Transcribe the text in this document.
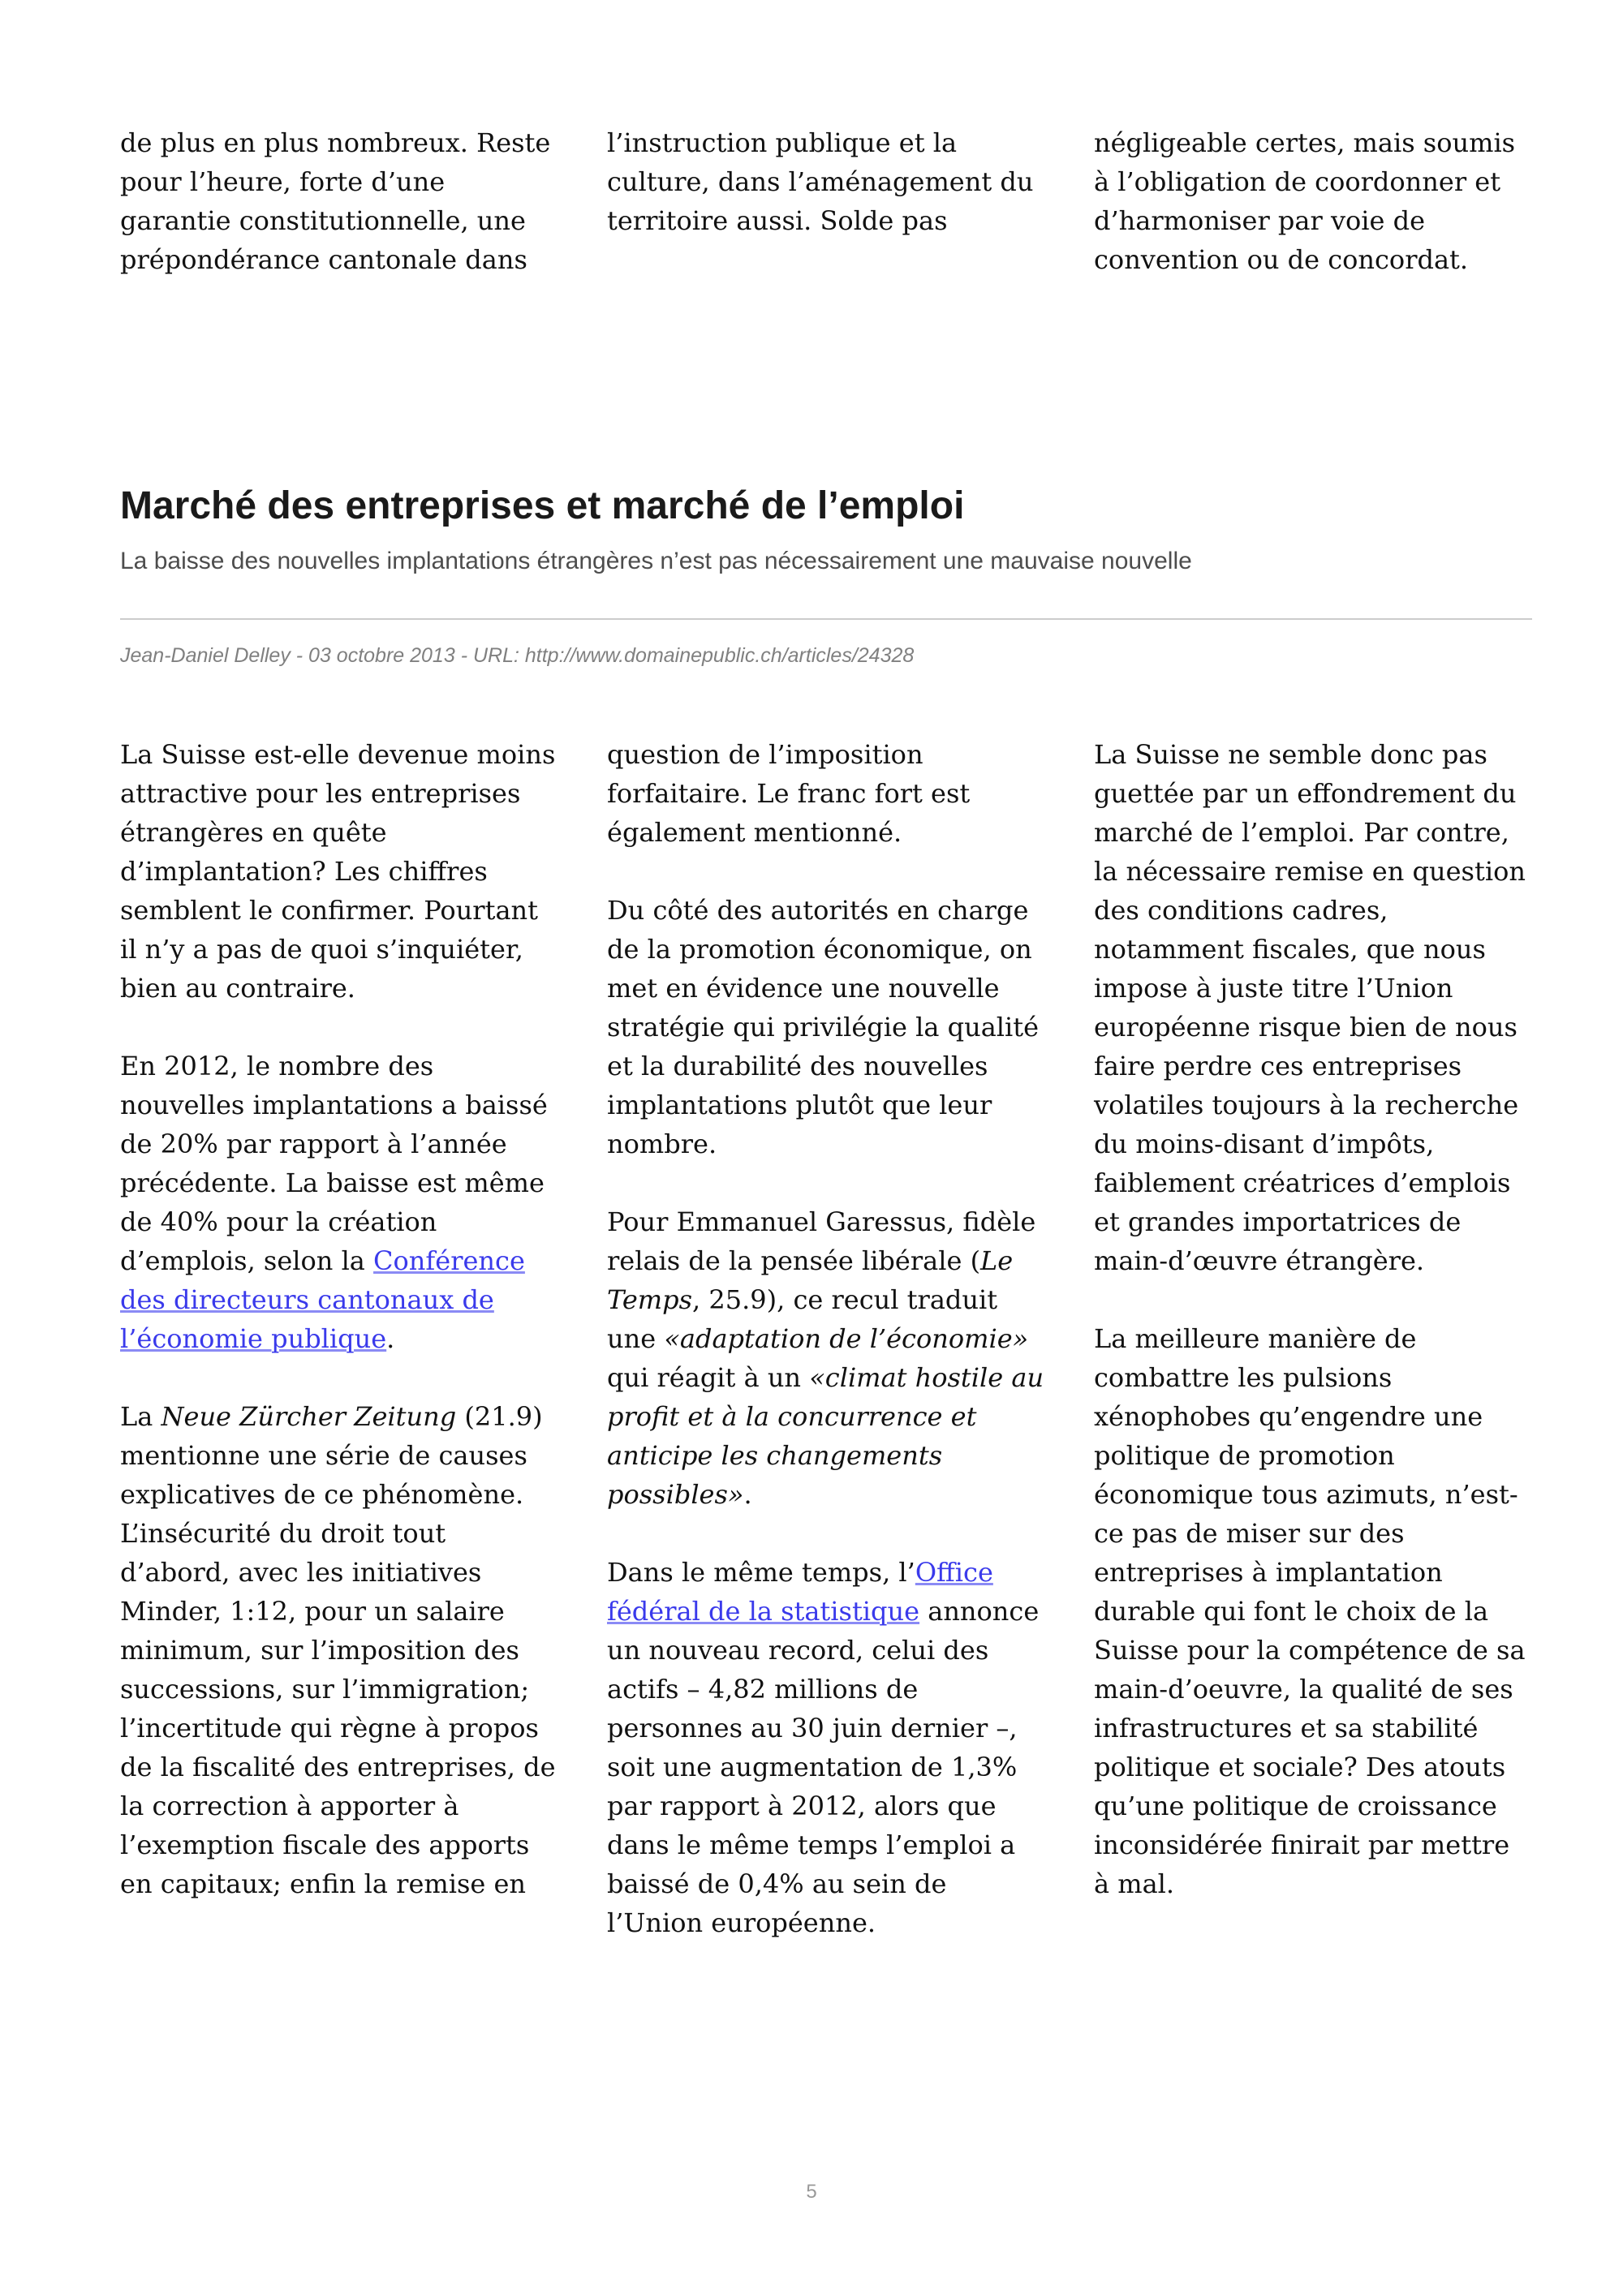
de plus en plus nombreux. Reste pour l’heure, forte d’une garantie constitutionnelle, une prépondérance cantonale dans

l’instruction publique et la culture, dans l’aménagement du territoire aussi. Solde pas

négligeable certes, mais soumis à l’obligation de coordonner et d’harmoniser par voie de convention ou de concordat.

Marché des entreprises et marché de l’emploi

La baisse des nouvelles implantations étrangères n’est pas nécessairement une mauvaise nouvelle

Jean-Daniel Delley - 03 octobre 2013 - URL: http://www.domainepublic.ch/articles/24328

La Suisse est-elle devenue moins attractive pour les entreprises étrangères en quête d’implantation? Les chiffres semblent le confirmer. Pourtant il n’y a pas de quoi s’inquiéter, bien au contraire.

En 2012, le nombre des nouvelles implantations a baissé de 20% par rapport à l’année précédente. La baisse est même de 40% pour la création d’emplois, selon la Conférence des directeurs cantonaux de l’économie publique.

La Neue Zürcher Zeitung (21.9) mentionne une série de causes explicatives de ce phénomène. L’insécurité du droit tout d’abord, avec les initiatives Minder, 1:12, pour un salaire minimum, sur l’imposition des successions, sur l’immigration; l’incertitude qui règne à propos de la fiscalité des entreprises, de la correction à apporter à l’exemption fiscale des apports en capitaux; enfin la remise en

question de l’imposition forfaitaire. Le franc fort est également mentionné.

Du côté des autorités en charge de la promotion économique, on met en évidence une nouvelle stratégie qui privilégie la qualité et la durabilité des nouvelles implantations plutôt que leur nombre.

Pour Emmanuel Garessus, fidèle relais de la pensée libérale (Le Temps, 25.9), ce recul traduit une «adaptation de l’économie» qui réagit à un «climat hostile au profit et à la concurrence et anticipe les changements possibles».

Dans le même temps, l’Office fédéral de la statistique annonce un nouveau record, celui des actifs – 4,82 millions de personnes au 30 juin dernier –, soit une augmentation de 1,3% par rapport à 2012, alors que dans le même temps l’emploi a baissé de 0,4% au sein de l’Union européenne.

La Suisse ne semble donc pas guettée par un effondrement du marché de l’emploi. Par contre, la nécessaire remise en question des conditions cadres, notamment fiscales, que nous impose à juste titre l’Union européenne risque bien de nous faire perdre ces entreprises volatiles toujours à la recherche du moins-disant d’impôts, faiblement créatrices d’emplois et grandes importatrices de main-d’œuvre étrangère.

La meilleure manière de combattre les pulsions xénophobes qu’engendre une politique de promotion économique tous azimuts, n’est-ce pas de miser sur des entreprises à implantation durable qui font le choix de la Suisse pour la compétence de sa main-d’oeuvre, la qualité de ses infrastructures et sa stabilité politique et sociale? Des atouts qu’une politique de croissance inconsidérée finirait par mettre à mal.

5
